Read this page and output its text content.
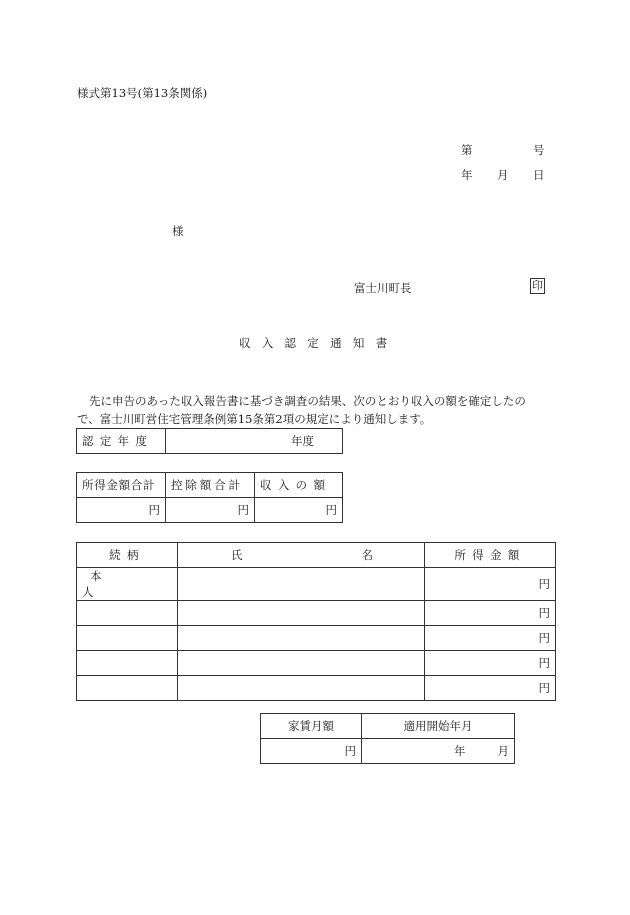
様式第13号(第13条関係)
第	号
年 月 日
様
富士川町長	印
収入認定通知書
先に申告のあった収入報告書に基づき調査の結果、次のとおり収入の額を確定したの
で、富士川町営住宅管理条例第15条第2項の規定により通知します。
認定年度	年度
所得金額合計	控除額合計	収入の額
円	円	円
続柄	氏 名	所得金額
本人		円
		円
		円
		円
		円
家賃月額	適用開始年月
円	年 月
